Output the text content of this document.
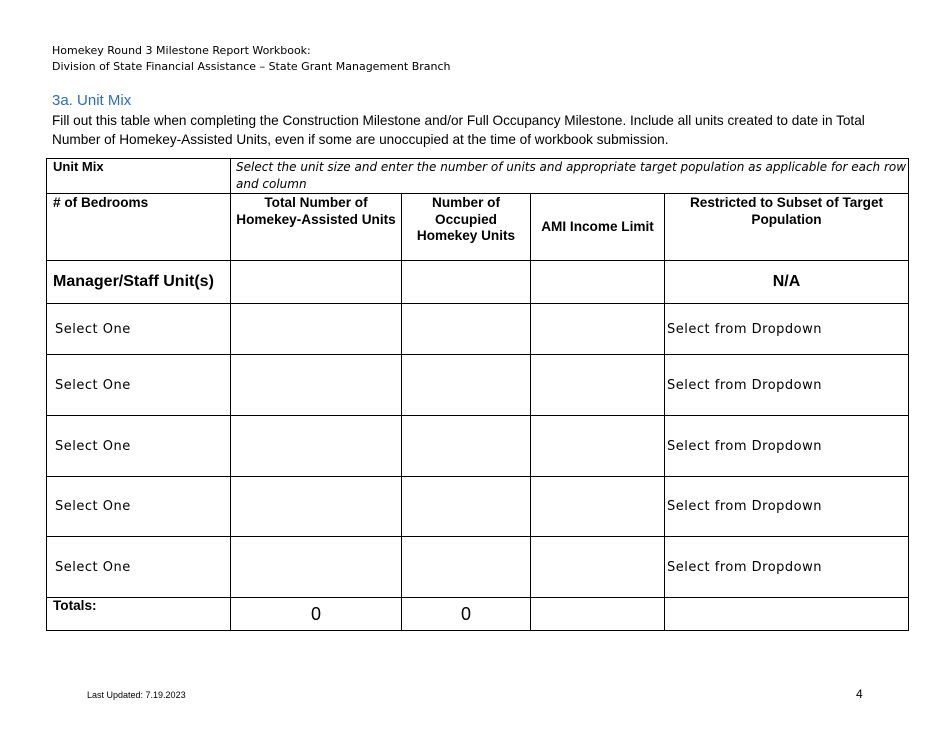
Homekey Round 3 Milestone Report Workbook:
Division of State Financial Assistance – State Grant Management Branch
3a. Unit Mix
Fill out this table when completing the Construction Milestone and/or Full Occupancy Milestone. Include all units created to date in Total Number of Homekey-Assisted Units, even if some are unoccupied at the time of workbook submission.
Unit Mix	Select the unit size and enter the number of units and appropriate target population as applicable for each row and column			
# of Bedrooms	Total Number of Homekey-Assisted Units	Number of Occupied Homekey Units	AMI Income Limit	Restricted to Subset of Target Population
Manager/Staff Unit(s)				N/A
Select One				Select from Dropdown
Select One				Select from Dropdown
Select One				Select from Dropdown
Select One				Select from Dropdown
Select One				Select from Dropdown
Totals:	0	0		
Last Updated: 7.19.2023	4
